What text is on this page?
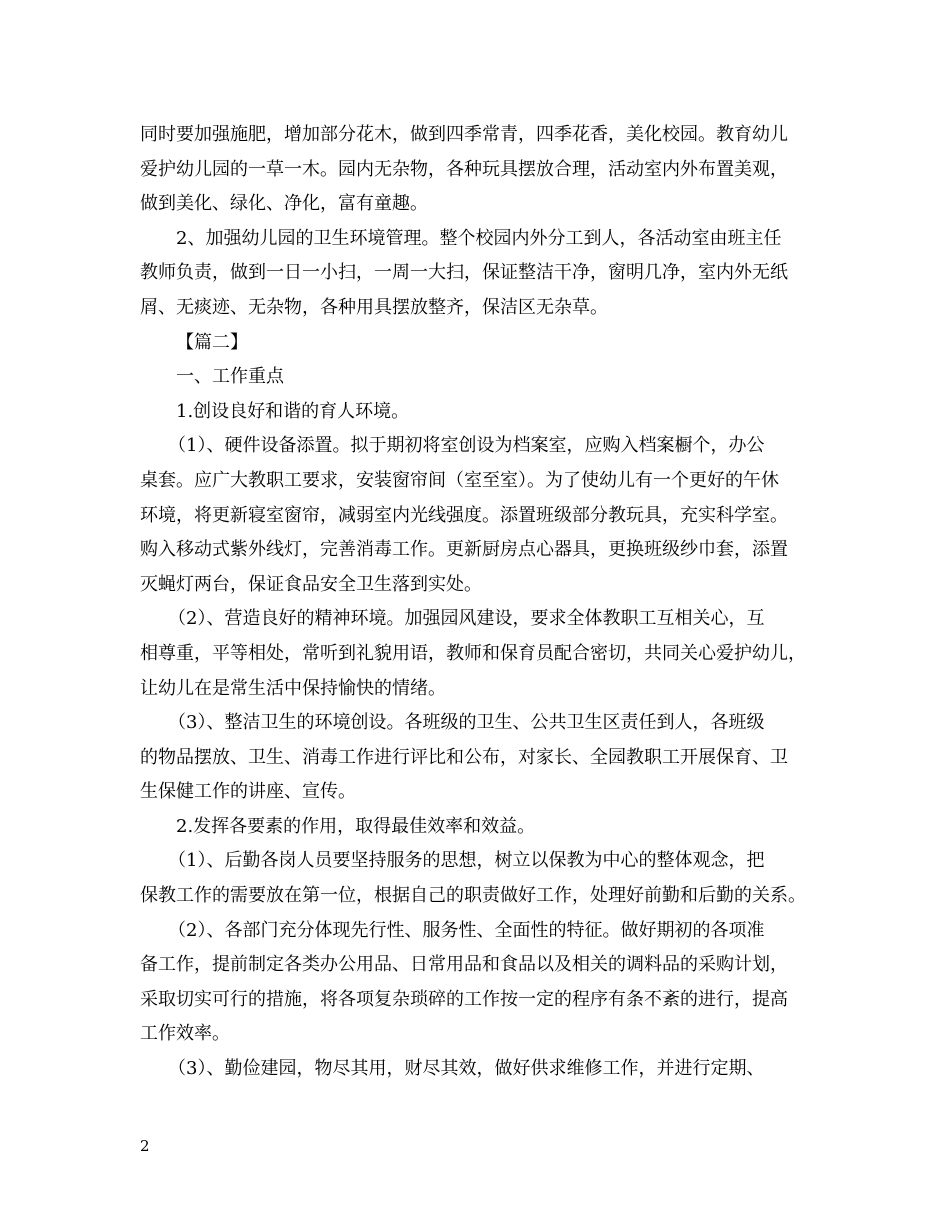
同时要加强施肥，增加部分花木，做到四季常青，四季花香，美化校园。教育幼儿
爱护幼儿园的一草一木。园内无杂物，各种玩具摆放合理，活动室内外布置美观，
做到美化、绿化、净化，富有童趣。
2、加强幼儿园的卫生环境管理。整个校园内外分工到人，各活动室由班主任
教师负责，做到一日一小扫，一周一大扫，保证整洁干净，窗明几净，室内外无纸
屑、无痰迹、无杂物，各种用具摆放整齐，保洁区无杂草。
【篇二】
一、工作重点
1.创设良好和谐的育人环境。
（1）、硬件设备添置。拟于期初将室创设为档案室，应购入档案橱个，办公
桌套。应广大教职工要求，安装窗帘间（室至室）。为了使幼儿有一个更好的午休
环境，将更新寝室窗帘，减弱室内光线强度。添置班级部分教玩具，充实科学室。
购入移动式紫外线灯，完善消毒工作。更新厨房点心器具，更换班级纱巾套，添置
灭蝇灯两台，保证食品安全卫生落到实处。
（2）、营造良好的精神环境。加强园风建设，要求全体教职工互相关心，互
相尊重，平等相处，常听到礼貌用语，教师和保育员配合密切，共同关心爱护幼儿，
让幼儿在是常生活中保持愉快的情绪。
（3）、整洁卫生的环境创设。各班级的卫生、公共卫生区责任到人，各班级
的物品摆放、卫生、消毒工作进行评比和公布，对家长、全园教职工开展保育、卫
生保健工作的讲座、宣传。
2.发挥各要素的作用，取得最佳效率和效益。
（1）、后勤各岗人员要坚持服务的思想，树立以保教为中心的整体观念，把
保教工作的需要放在第一位，根据自己的职责做好工作，处理好前勤和后勤的关系。
（2）、各部门充分体现先行性、服务性、全面性的特征。做好期初的各项准
备工作，提前制定各类办公用品、日常用品和食品以及相关的调料品的采购计划，
采取切实可行的措施，将各项复杂琐碎的工作按一定的程序有条不紊的进行，提高
工作效率。
（3）、勤俭建园，物尽其用，财尽其效，做好供求维修工作，并进行定期、
2
